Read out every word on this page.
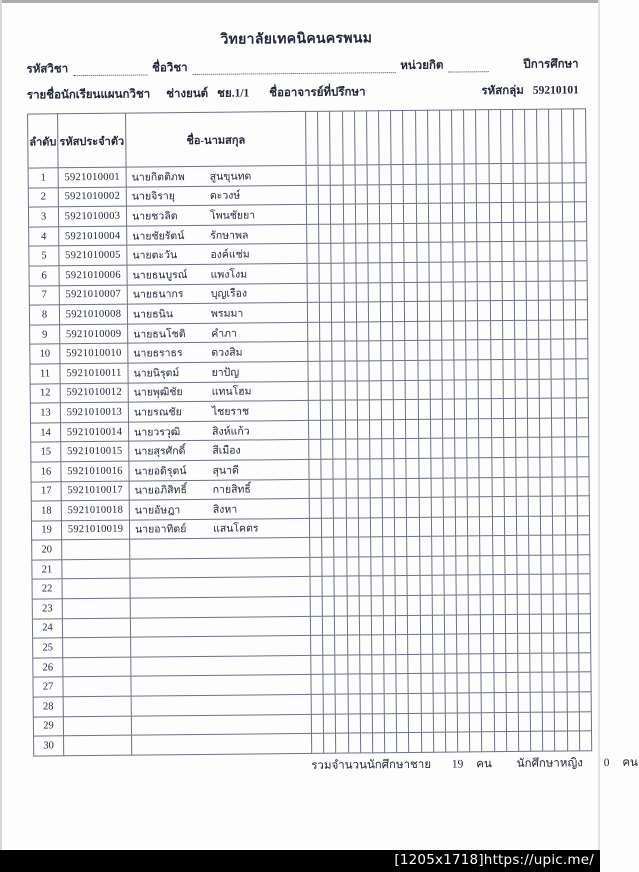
วิทยาลัยเทคนิคนครพนม
รหัสวิชา	ชื่อวิชา	หน่วยกิต	ปีการศึกษา
รายชื่อนักเรียนแผนกวิชา ช่างยนต์ ชย.1/1 ชื่ออาจารย์ที่ปรึกษา	รหัสกลุ่ม 59210101
ลำดับ	รหัสประจำตัว	ชื่อ-นามสกุล																							
1	5921010001	นายกิตติภพ สูนขุนทด																							
2	5921010002	นายจิรายุ ตะวงษ์																							
3	5921010003	นายชวลิต โพนชัยยา																							
4	5921010004	นายชัยรัตน์ รักษาพล																							
5	5921010005	นายตะวัน องค์แช่ม																							
6	5921010006	นายธนบูรณ์ แพงโงม																							
7	5921010007	นายธนากร บุญเรือง																							
8	5921010008	นายธนิน พรมมา																							
9	5921010009	นายธนโชติ คำภา																							
10	5921010010	นายธราธร ดวงสิม																							
11	5921010011	นายนิรุตม์ ยาปัญ																							
12	5921010012	นายพุฒิชัย แทนโฮม																							
13	5921010013	นายรณชัย ไชยราช																							
14	5921010014	นายวรวุฒิ สิงห์แก้ว																							
15	5921010015	นายสุรศักดิ์ สีเมือง																							
16	5921010016	นายอดิรุตน์ สุนาดี																							
17	5921010017	นายอภิสิทธิ์ กายสิทธิ์																							
18	5921010018	นายอัษฎา สิงหา																							
19	5921010019	นายอาทิตย์ แสนโคตร																							
20																									
21																									
22																									
23																									
24																									
25																									
26																									
27																									
28																									
29																									
30																									
รวมจำนวนนักศึกษาชาย 19 คน นักศึกษาหญิง 0 คน
[1205x1718]https://upic.me/
